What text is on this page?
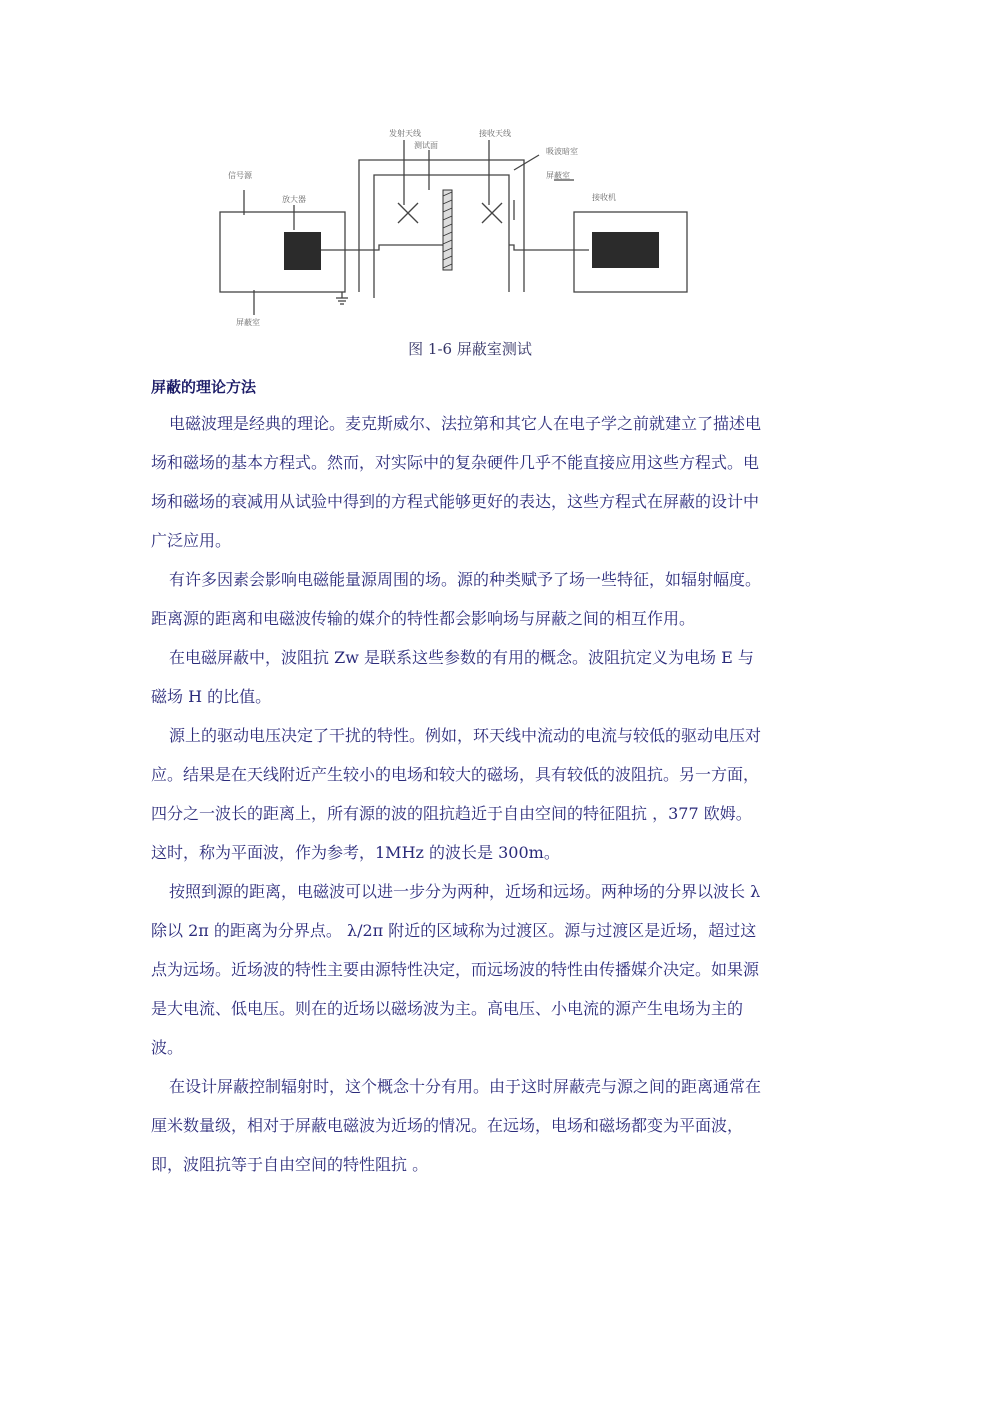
发射天线	接收天线
测试面
吸波暗室
屏蔽室
信号源
放大器	接收机
屏蔽室
图 1-6 屏蔽室测试
屏蔽的理论方法

电磁波理是经典的理论。麦克斯威尔、法拉第和其它人在电子学之前就建立了描述电场和磁场的基本方程式。然而，对实际中的复杂硬件几乎不能直接应用这些方程式。电场和磁场的衰减用从试验中得到的方程式能够更好的表达，这些方程式在屏蔽的设计中广泛应用。

有许多因素会影响电磁能量源周围的场。源的种类赋予了场一些特征，如辐射幅度。距离源的距离和电磁波传输的媒介的特性都会影响场与屏蔽之间的相互作用。

在电磁屏蔽中，波阻抗 Zw 是联系这些参数的有用的概念。波阻抗定义为电场 E 与磁场 H 的比值。

源上的驱动电压决定了干扰的特性。例如，环天线中流动的电流与较低的驱动电压对应。结果是在天线附近产生较小的电场和较大的磁场，具有较低的波阻抗。另一方面，四分之一波长的距离上，所有源的波的阻抗趋近于自由空间的特征阻抗 ，377 欧姆。这时，称为平面波，作为参考，1MHz 的波长是 300m。

按照到源的距离，电磁波可以进一步分为两种，近场和远场。两种场的分界以波长 λ 除以 2π 的距离为分界点。 λ/2π 附近的区域称为过渡区。源与过渡区是近场，超过这点为远场。近场波的特性主要由源特性决定，而远场波的特性由传播媒介决定。如果源是大电流、低电压。则在的近场以磁场波为主。高电压、小电流的源产生电场为主的波。

在设计屏蔽控制辐射时，这个概念十分有用。由于这时屏蔽壳与源之间的距离通常在厘米数量级，相对于屏蔽电磁波为近场的情况。在远场，电场和磁场都变为平面波，即，波阻抗等于自由空间的特性阻抗 。
